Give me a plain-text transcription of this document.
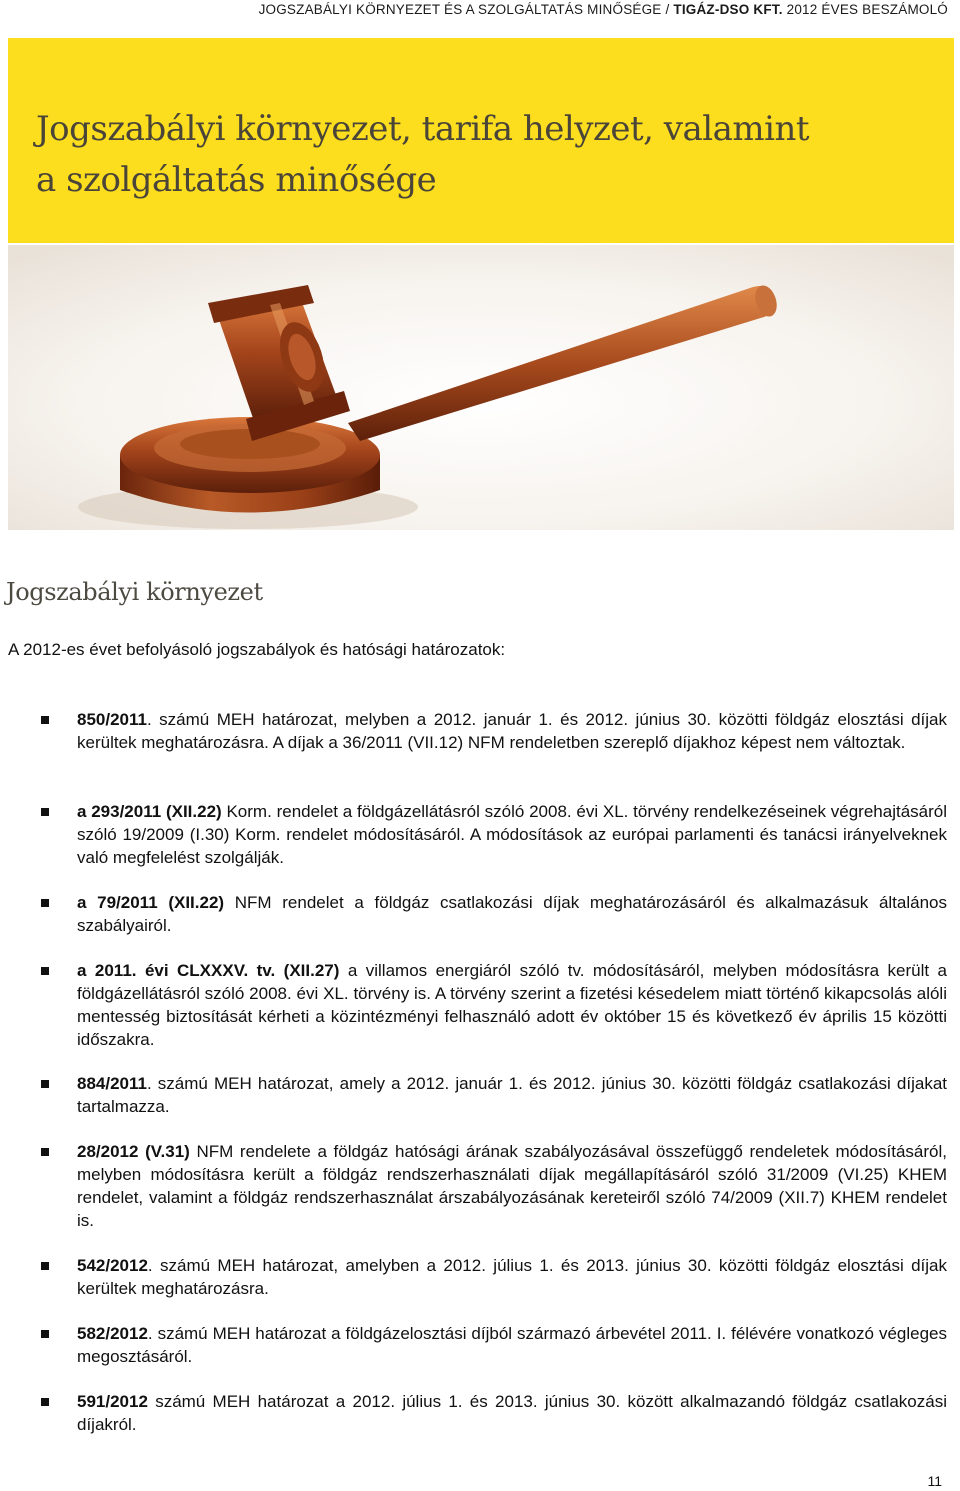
JOGSZABÁLYI KÖRNYEZET ÉS A SZOLGÁLTATÁS MINŐSÉGE / TIGÁZ-DSO KFT. 2012 ÉVES BESZÁMOLÓ
Jogszabályi környezet, tarifa helyzet, valamint
a szolgáltatás minősége
Jogszabályi környezet

A 2012-es évet befolyásoló jogszabályok és hatósági határozatok:

850/2011. számú MEH határozat, melyben a 2012. január 1. és 2012. június 30. közötti földgáz elosztási díjak kerültek meghatározásra. A díjak a 36/2011 (VII.12) NFM rendeletben szereplő díjakhoz képest nem változtak.
a 293/2011 (XII.22) Korm. rendelet a földgázellátásról szóló 2008. évi XL. törvény rendelkezéseinek végrehajtásáról szóló 19/2009 (I.30) Korm. rendelet módosításáról. A módosítások az európai parlamenti és tanácsi irányelveknek való megfelelést szolgálják.
a 79/2011 (XII.22) NFM rendelet a földgáz csatlakozási díjak meghatározásáról és alkalmazásuk általános szabályairól.
a 2011. évi CLXXXV. tv. (XII.27) a villamos energiáról szóló tv. módosításáról, melyben módosításra került a földgázellátásról szóló 2008. évi XL. törvény is. A törvény szerint a fizetési késedelem miatt történő kikapcsolás alóli mentesség biztosítását kérheti a közintézményi felhasználó adott év október 15 és következő év április 15 közötti időszakra.
884/2011. számú MEH határozat, amely a 2012. január 1. és 2012. június 30. közötti földgáz csatlakozási díjakat tartalmazza.
28/2012 (V.31) NFM rendelete a földgáz hatósági árának szabályozásával összefüggő rendeletek módosításáról, melyben módosításra került a földgáz rendszerhasználati díjak megállapításáról szóló 31/2009 (VI.25) KHEM rendelet, valamint a földgáz rendszerhasználat árszabályozásának kereteiről szóló 74/2009 (XII.7) KHEM rendelet is.
542/2012. számú MEH határozat, amelyben a 2012. július 1. és 2013. június 30. közötti földgáz elosztási díjak kerültek meghatározásra.
582/2012. számú MEH határozat a földgázelosztási díjból származó árbevétel 2011. I. félévére vonatkozó végleges megosztásáról.
591/2012 számú MEH határozat a 2012. július 1. és 2013. június 30. között alkalmazandó földgáz csatlakozási díjakról.
11
